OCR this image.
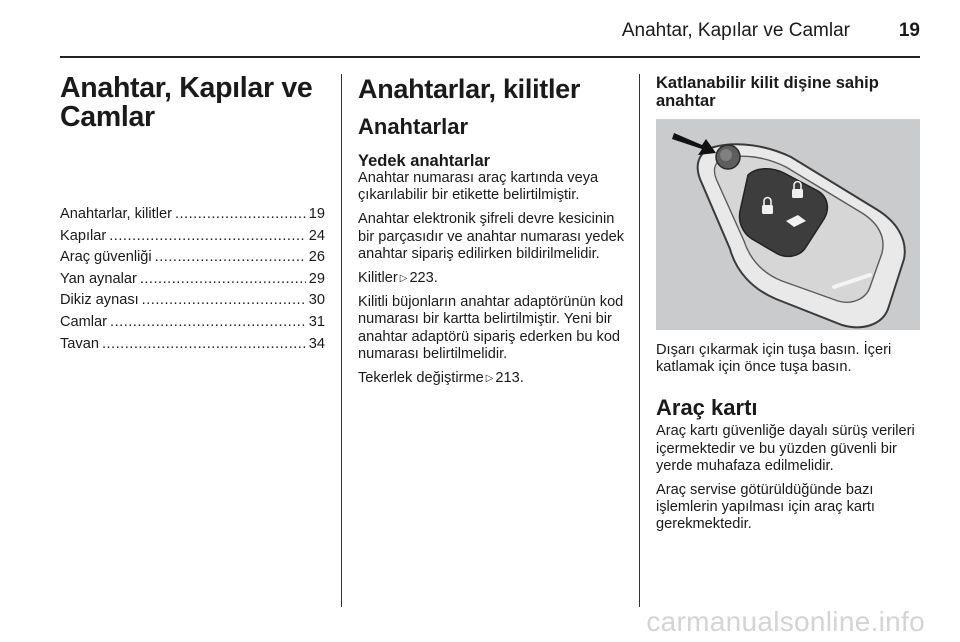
Anahtar, Kapılar ve Camlar	19
Anahtar, Kapılar ve
Camlar
Anahtarlar, kilitler .....	19
Kapılar .....	24
Araç güvenliği .....	26
Yan aynalar .....	29
Dikiz aynası .....	30
Camlar .....	31
Tavan .....	34
Anahtarlar, kilitler
Anahtarlar
Yedek anahtarlar

Anahtar numarası araç kartında veya çıkarılabilir bir etikette belirtilmiştir.

Anahtar elektronik şifreli devre kesicinin bir parçasıdır ve anahtar numarası yedek anahtar sipariş edilirken bildirilmelidir.

Kilitler ▷ 223.

Kilitli büjonların anahtar adaptörünün kod numarası bir kartta belirtilmiştir. Yeni bir anahtar adaptörü sipariş ederken bu kod numarası belirtilmelidir.

Tekerlek değiştirme ▷ 213.

Katlanabilir kilit dişine sahip anahtar

Dışarı çıkarmak için tuşa basın. İçeri katlamak için önce tuşa basın.

Araç kartı

Araç kartı güvenliğe dayalı sürüş verileri içermektedir ve bu yüzden güvenli bir yerde muhafaza edilmelidir.

Araç servise götürüldüğünde bazı işlemlerin yapılması için araç kartı gerekmektedir.

carmanualsonline.info
